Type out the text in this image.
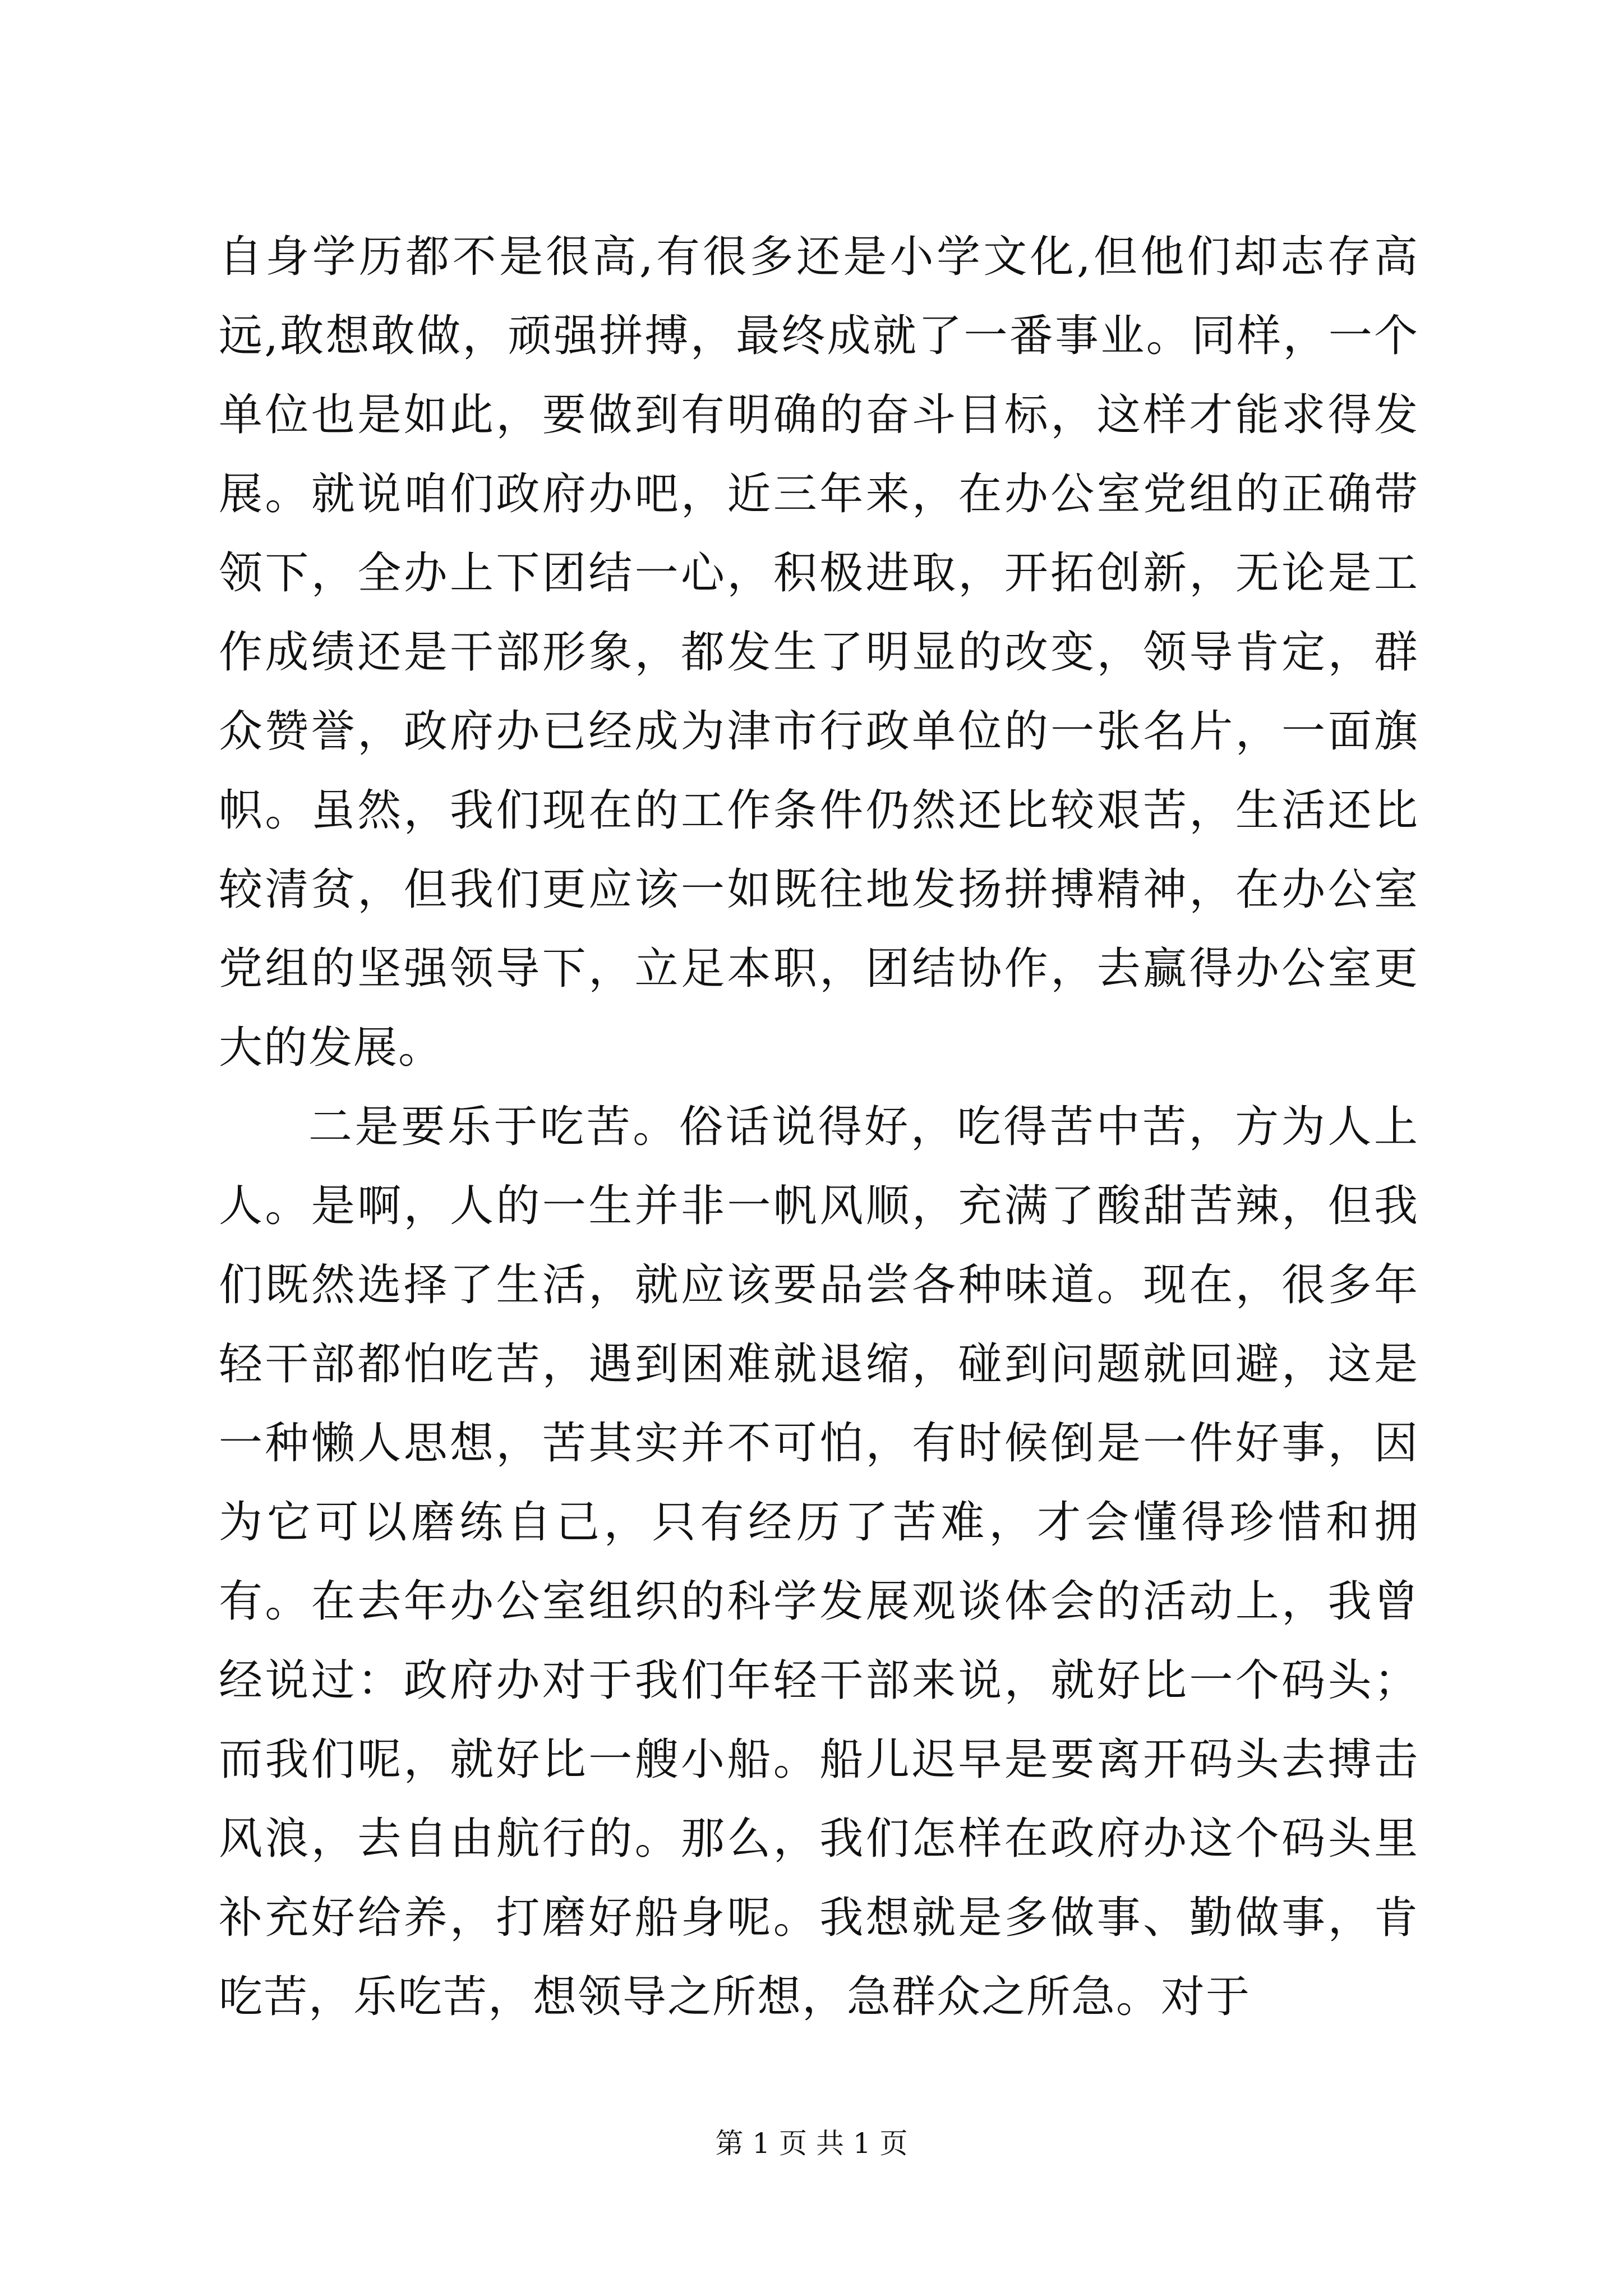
自身学历都不是很高,有很多还是小学文化,但他们却志存高远,敢想敢做，顽强拼搏，最终成就了一番事业。同样，一个单位也是如此，要做到有明确的奋斗目标，这样才能求得发展。就说咱们政府办吧，近三年来，在办公室党组的正确带领下，全办上下团结一心，积极进取，开拓创新，无论是工作成绩还是干部形象，都发生了明显的改变，领导肯定，群众赞誉，政府办已经成为津市行政单位的一张名片，一面旗帜。虽然，我们现在的工作条件仍然还比较艰苦，生活还比较清贫，但我们更应该一如既往地发扬拼搏精神，在办公室党组的坚强领导下，立足本职，团结协作，去赢得办公室更大的发展。

二是要乐于吃苦。俗话说得好，吃得苦中苦，方为人上人。是啊，人的一生并非一帆风顺，充满了酸甜苦辣，但我们既然选择了生活，就应该要品尝各种味道。现在，很多年轻干部都怕吃苦，遇到困难就退缩，碰到问题就回避，这是一种懒人思想，苦其实并不可怕，有时候倒是一件好事，因为它可以磨练自己，只有经历了苦难，才会懂得珍惜和拥有。在去年办公室组织的科学发展观谈体会的活动上，我曾经说过：政府办对于我们年轻干部来说，就好比一个码头；而我们呢，就好比一艘小船。船儿迟早是要离开码头去搏击风浪，去自由航行的。那么，我们怎样在政府办这个码头里补充好给养，打磨好船身呢。我想就是多做事、勤做事，肯吃苦，乐吃苦，想领导之所想，急群众之所急。对于

第 1 页 共 1 页
